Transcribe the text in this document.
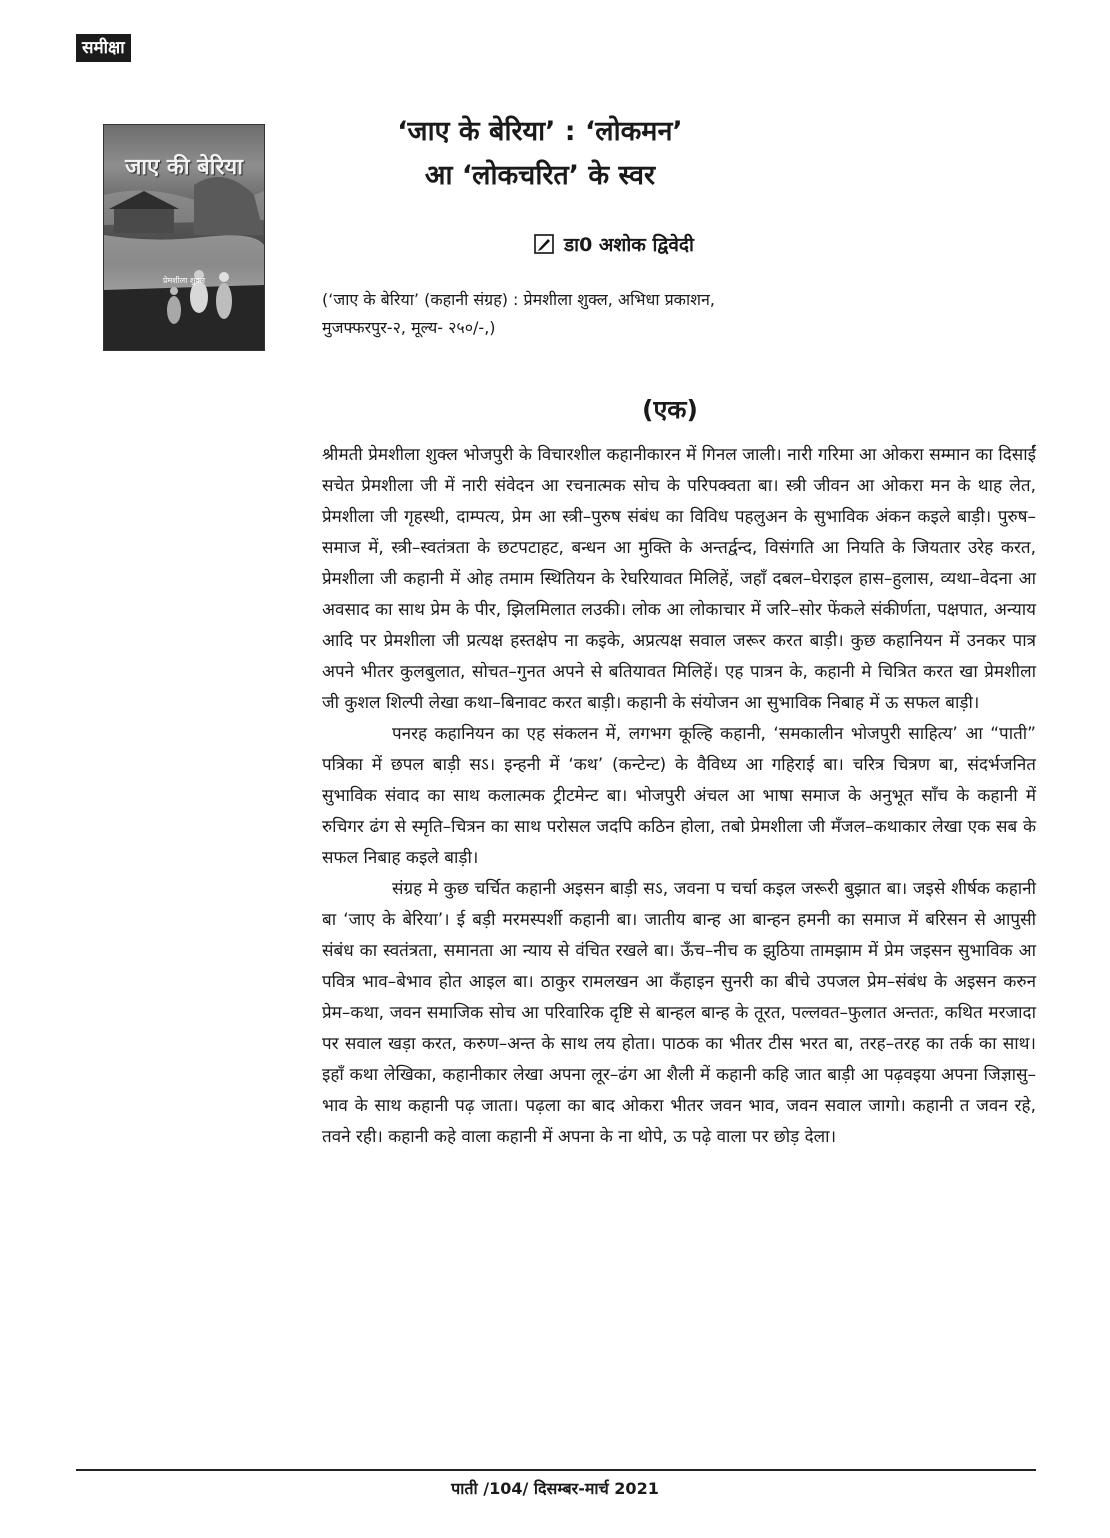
समीक्षा
जाए की बेरिया
प्रेमशीला शुक्ल
‘जाए के बेरिया’ : ‘लोकमन’
आ ‘लोकचरित’ के स्वर
डा0 अशोक द्विवेदी
(‘जाए के बेरिया’ (कहानी संग्रह) : प्रेमशीला शुक्ल, अभिधा प्रकाशन,
मुजफ्फरपुर-२, मूल्य- २५०/-,)
(एक)

श्रीमती प्रेमशीला शुक्ल भोजपुरी के विचारशील कहानीकारन में गिनल जाली। नारी गरिमा आ ओकरा सम्मान का दिसाईं सचेत प्रेमशीला जी में नारी संवेदन आ रचनात्मक सोच के परिपक्वता बा। स्त्री जीवन आ ओकरा मन के थाह लेत, प्रेमशीला जी गृहस्थी, दाम्पत्य, प्रेम आ स्त्री–पुरुष संबंध का विविध पहलुअन के सुभाविक अंकन कइले बाड़ी। पुरुष–समाज में, स्त्री–स्वतंत्रता के छटपटाहट, बन्धन आ मुक्ति के अन्तर्द्वन्द, विसंगति आ नियति के जियतार उरेह करत, प्रेमशीला जी कहानी में ओह तमाम स्थितियन के रेघरियावत मिलिहें, जहाँ दबल–घेराइल हास–हुलास, व्यथा–वेदना आ अवसाद का साथ प्रेम के पीर, झिलमिलात लउकी। लोक आ लोकाचार में जरि–सोर फेंकले संकीर्णता, पक्षपात, अन्याय आदि पर प्रेमशीला जी प्रत्यक्ष हस्तक्षेप ना कइके, अप्रत्यक्ष सवाल जरूर करत बाड़ी। कुछ कहानियन में उनकर पात्र अपने भीतर कुलबुलात, सोचत–गुनत अपने से बतियावत मिलिहें। एह पात्रन के, कहानी मे चित्रित करत खा प्रेमशीला जी कुशल शिल्पी लेखा कथा–बिनावट करत बाड़ी। कहानी के संयोजन आ सुभाविक निबाह में ऊ सफल बाड़ी।

पनरह कहानियन का एह संकलन में, लगभग कूल्हि कहानी, ‘समकालीन भोजपुरी साहित्य’ आ “पाती” पत्रिका में छपल बाड़ी सऽ। इन्हनी में ‘कथ’ (कन्टेन्ट) के वैविध्य आ गहिराई बा। चरित्र चित्रण बा, संदर्भजनित सुभाविक संवाद का साथ कलात्मक ट्रीटमेन्ट बा। भोजपुरी अंचल आ भाषा समाज के अनुभूत साँच के कहानी में रुचिगर ढंग से स्मृति–चित्रन का साथ परोसल जदपि कठिन होला, तबो प्रेमशीला जी मँजल–कथाकार लेखा एक सब के सफल निबाह कइले बाड़ी।

संग्रह मे कुछ चर्चित कहानी अइसन बाड़ी सऽ, जवना प चर्चा कइल जरूरी बुझात बा। जइसे शीर्षक कहानी बा ‘जाए के बेरिया’। ई बड़ी मरमस्पर्शी कहानी बा। जातीय बान्ह आ बान्हन हमनी का समाज में बरिसन से आपुसी संबंध का स्वतंत्रता, समानता आ न्याय से वंचित रखले बा। ऊँच–नीच क झुठिया तामझाम में प्रेम जइसन सुभाविक आ पवित्र भाव–बेभाव होत आइल बा। ठाकुर रामलखन आ कँहाइन सुनरी का बीचे उपजल प्रेम–संबंध के अइसन करुन प्रेम–कथा, जवन समाजिक सोच आ परिवारिक दृष्टि से बान्हल बान्ह के तूरत, पल्लवत–फुलात अन्ततः, कथित मरजादा पर सवाल खड़ा करत, करुण–अन्त के साथ लय होता। पाठक का भीतर टीस भरत बा, तरह–तरह का तर्क का साथ। इहाँ कथा लेखिका, कहानीकार लेखा अपना लूर–ढंग आ शैली में कहानी कहि जात बाड़ी आ पढ़वइया अपना जिज्ञासु–भाव के साथ कहानी पढ़ जाता। पढ़ला का बाद ओकरा भीतर जवन भाव, जवन सवाल जागो। कहानी त जवन रहे, तवने रही। कहानी कहे वाला कहानी में अपना के ना थोपे, ऊ पढ़े वाला पर छोड़ देला।

पाती /104/ दिसम्बर-मार्च 2021
